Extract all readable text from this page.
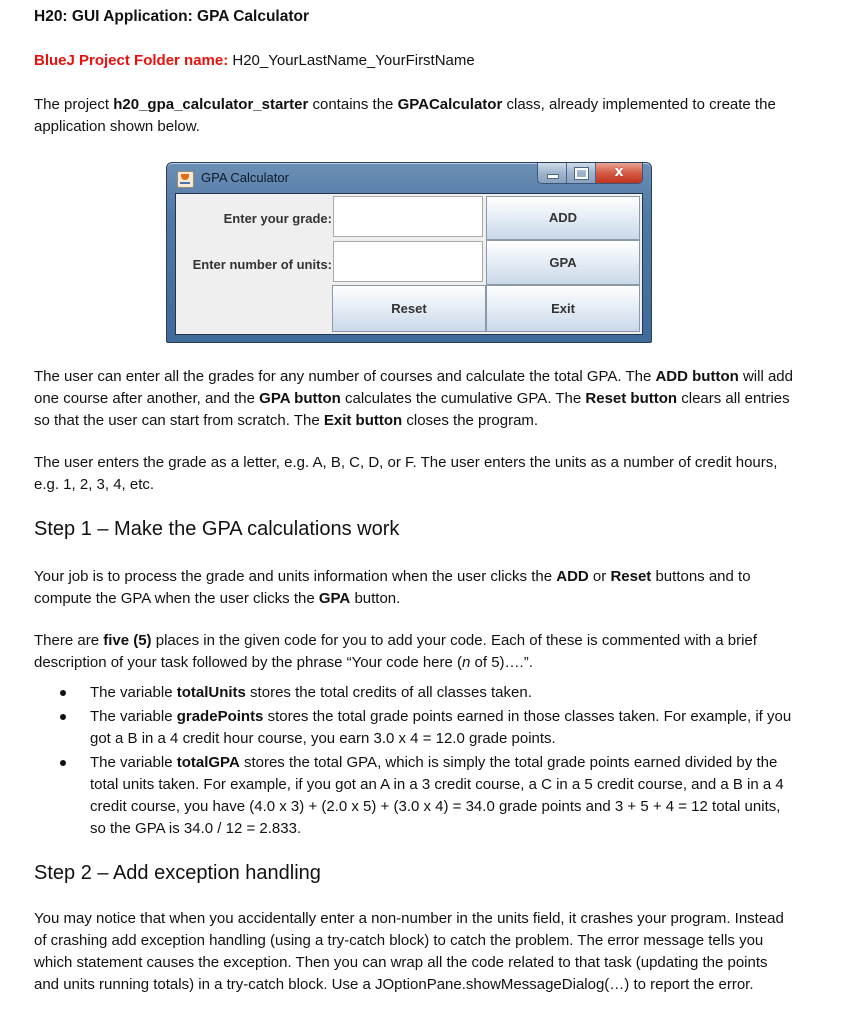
H20: GUI Application: GPA Calculator
BlueJ Project Folder name: H20_YourLastName_YourFirstName
The project h20_gpa_calculator_starter contains the GPACalculator class, already implemented to create the application shown below.
GPA Calculator	x
Enter your grade:
Enter number of units:
ADD
GPA
Reset	Exit
The user can enter all the grades for any number of courses and calculate the total GPA. The ADD button will add one course after another, and the GPA button calculates the cumulative GPA. The Reset button clears all entries so that the user can start from scratch. The Exit button closes the program.
The user enters the grade as a letter, e.g. A, B, C, D, or F. The user enters the units as a number of credit hours, e.g. 1, 2, 3, 4, etc.
Step 1 – Make the GPA calculations work
Your job is to process the grade and units information when the user clicks the ADD or Reset buttons and to compute the GPA when the user clicks the GPA button.
There are five (5) places in the given code for you to add your code. Each of these is commented with a brief description of your task followed by the phrase “Your code here (n of 5)….”.
The variable totalUnits stores the total credits of all classes taken.
The variable gradePoints stores the total grade points earned in those classes taken. For example, if you got a B in a 4 credit hour course, you earn 3.0 x 4 = 12.0 grade points.
The variable totalGPA stores the total GPA, which is simply the total grade points earned divided by the total units taken. For example, if you got an A in a 3 credit course, a C in a 5 credit course, and a B in a 4 credit course, you have (4.0 x 3) + (2.0 x 5) + (3.0 x 4) = 34.0 grade points and 3 + 5 + 4 = 12 total units, so the GPA is 34.0 / 12 = 2.833.
Step 2 – Add exception handling
You may notice that when you accidentally enter a non-number in the units field, it crashes your program. Instead of crashing add exception handling (using a try-catch block) to catch the problem. The error message tells you which statement causes the exception. Then you can wrap all the code related to that task (updating the points and units running totals) in a try-catch block. Use a JOptionPane.showMessageDialog(…) to report the error.
